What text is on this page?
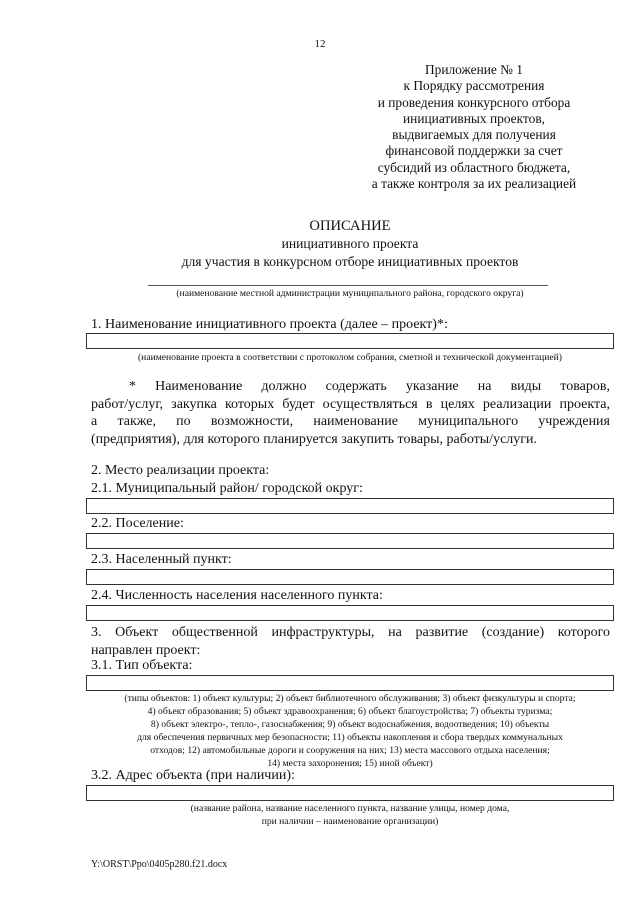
12
Приложение № 1
к Порядку рассмотрения
и проведения конкурсного отбора
инициативных проектов,
выдвигаемых для получения
финансовой поддержки за счет
субсидий из областного бюджета,
а также контроля за их реализацией
ОПИСАНИЕ
инициативного проекта
для участия в конкурсном отборе инициативных проектов
(наименование местной администрации муниципального района, городского округа)
1. Наименование инициативного проекта (далее – проект)*:
(наименование проекта в соответствии с протоколом собрания, сметной и технической документацией)
* Наименование должно содержать указание на виды товаров,
работ/услуг, закупка которых будет осуществляться в целях реализации проекта,
а также, по возможности, наименование муниципального учреждения
(предприятия), для которого планируется закупить товары, работы/услуги.
2. Место реализации проекта:
2.1. Муниципальный район/ городской округ:
2.2. Поселение:
2.3. Населенный пункт:
2.4. Численность населения населенного пункта:
3. Объект общественной инфраструктуры, на развитие (создание) которого
направлен проект:
3.1. Тип объекта:
(типы объектов: 1) объект культуры; 2) объект библиотечного обслуживания; 3) объект физкультуры и спорта;
4) объект образования; 5) объект здравоохранения; 6) объект благоустройства; 7) объекты туризма;
8) объект электро-, тепло-, газоснабжения; 9) объект водоснабжения, водоотведения; 10) объекты
для обеспечения первичных мер безопасности; 11) объекты накопления и сбора твердых коммунальных
отходов; 12) автомобильные дороги и сооружения на них; 13) места массового отдыха населения;
14) места захоронения; 15) иной объект)
3.2. Адрес объекта (при наличии):
(название района, название населенного пункта, название улицы, номер дома,
при наличии – наименование организации)
Y:\ORST\Ppo\0405p280.f21.docx
